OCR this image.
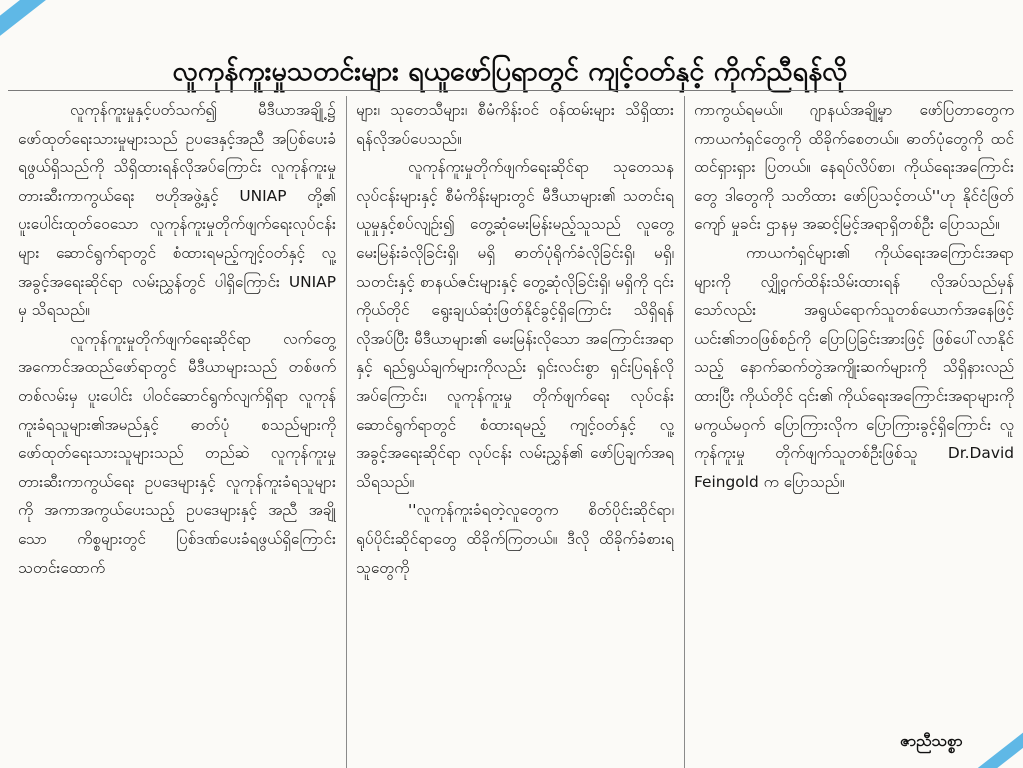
လူကုန်ကူးမှုသတင်းများ ရယူဖော်ပြရာတွင် ကျင့်ဝတ်နှင့် ကိုက်ညီရန်လို

လူကုန်ကူးမှုနှင့်ပတ်သက်၍ မီဒီယာအချို့၌ ဖော်ထုတ်ရေးသားမှုများသည် ဥပဒေနှင့်အညီ အပြစ်ပေးခံရဖွယ်ရှိသည်ကို သိရှိထားရန်လိုအပ်ကြောင်း လူကုန်ကူးမှု တားဆီးကာကွယ်ရေး ဗဟိုအဖွဲ့နှင့် UNIAP တို့၏ ပူးပေါင်းထုတ်ဝေသော လူကုန်ကူးမှုတိုက်ဖျက်ရေးလုပ်ငန်းများ ဆောင်ရွက်ရာတွင် စံထားရမည့်ကျင့်ဝတ်နှင့် လူ့အခွင့်အရေးဆိုင်ရာ လမ်းညွှန်တွင် ပါရှိကြောင်း UNIAP မှ သိရသည်။

လူကုန်ကူးမှုတိုက်ဖျက်ရေးဆိုင်ရာ လက်တွေ့အကောင်အထည်ဖော်ရာတွင် မီဒီယာများသည် တစ်ဖက်တစ်လမ်းမှ ပူးပေါင်း ပါဝင်ဆောင်ရွက်လျက်ရှိရာ လူကုန်ကူးခံရသူများ၏အမည်နှင့် ဓာတ်ပုံ စသည်များကို ဖော်ထုတ်ရေးသားသူများသည် တည်ဆဲ လူကုန်ကူးမှုတားဆီးကာကွယ်ရေး ဥပဒေများနှင့် လူကုန်ကူးခံရသူများကို အကာအကွယ်ပေးသည့် ဥပဒေများနှင့် အညီ အချို့သော ကိစ္စများတွင် ပြစ်ဒဏ်ပေးခံရဖွယ်ရှိကြောင်း သတင်းထောက်

များ၊ သုတေသီများ၊ စီမံကိန်းဝင် ဝန်ထမ်းများ သိရှိထားရန်လိုအပ်ပေသည်။

လူကုန်ကူးမှုတိုက်ဖျက်ရေးဆိုင်ရာ သုတေသနလုပ်ငန်းများနှင့် စီမံကိန်းများတွင် မီဒီယာများ၏ သတင်းရယူမှုနှင့်စပ်လျဉ်း၍ တွေ့ဆုံမေးမြန်းမည့်သူသည် လူတွေ့ မေးမြန်းခံလိုခြင်းရှိ၊ မရှိ ဓာတ်ပုံရိုက်ခံလိုခြင်းရှိ၊ မရှိ၊ သတင်းနှင့် စာနယ်ဇင်းများနှင့် တွေ့ဆုံလိုခြင်းရှိ၊ မရှိကို ၎င်းကိုယ်တိုင် ရွေးချယ်ဆုံးဖြတ်နိုင်ခွင့်ရှိကြောင်း သိရှိရန် လိုအပ်ပြီး မီဒီယာများ၏ မေးမြန်းလိုသော အကြောင်းအရာနှင့် ရည်ရွယ်ချက်များကိုလည်း ရှင်းလင်းစွာ ရှင်းပြရန်လိုအပ်ကြောင်း၊ လူကုန်ကူးမှု တိုက်ဖျက်ရေး လုပ်ငန်းဆောင်ရွက်ရာတွင် စံထားရမည့် ကျင့်ဝတ်နှင့် လူ့အခွင့်အရေးဆိုင်ရာ လုပ်ငန်း လမ်းညွှန်၏ ဖော်ပြချက်အရ သိရသည်။

''လူကုန်ကူးခံရတဲ့လူတွေက စိတ်ပိုင်းဆိုင်ရာ၊ ရုပ်ပိုင်းဆိုင်ရာတွေ ထိခိုက်ကြတယ်။ ဒီလို ထိခိုက်ခံစားရသူတွေကို

ကာကွယ်ရမယ်။ ဂျာနယ်အချို့မှာ ဖော်ပြတာတွေက ကာယကံရှင်တွေကို ထိခိုက်စေတယ်။ ဓာတ်ပုံတွေကို ထင်ထင်ရှားရှား ပြတယ်။ နေရပ်လိပ်စာ၊ ကိုယ်ရေးအကြောင်းတွေ ဒါတွေကို သတိထား ဖော်ပြသင့်တယ်''ဟု နိုင်ငံဖြတ်ကျော် မှုခင်း ဌာနမှ အဆင့်မြင့်အရာရှိတစ်ဦး ပြောသည်။

ကာယကံရှင်များ၏ ကိုယ်ရေးအကြောင်းအရာများကို လျှို့ဝှက်ထိန်းသိမ်းထားရန် လိုအပ်သည်မှန်သော်လည်း အရွယ်ရောက်သူတစ်ယောက်အနေဖြင့် ယင်း၏ဘဝဖြစ်စဉ်ကို ပြောပြခြင်းအားဖြင့် ဖြစ်ပေါ်လာနိုင်သည့် နောက်ဆက်တွဲအကျိုးဆက်များကို သိရှိနားလည်ထားပြီး ကိုယ်တိုင် ၎င်း၏ ကိုယ်ရေးအကြောင်းအရာများကို မကွယ်မဝှက် ပြောကြားလိုက ပြောကြားခွင့်ရှိကြောင်း လူကုန်ကူးမှု တိုက်ဖျက်သူတစ်ဦးဖြစ်သူ Dr.David Feingold က ပြောသည်။

ဇာညီသစ္စာ
